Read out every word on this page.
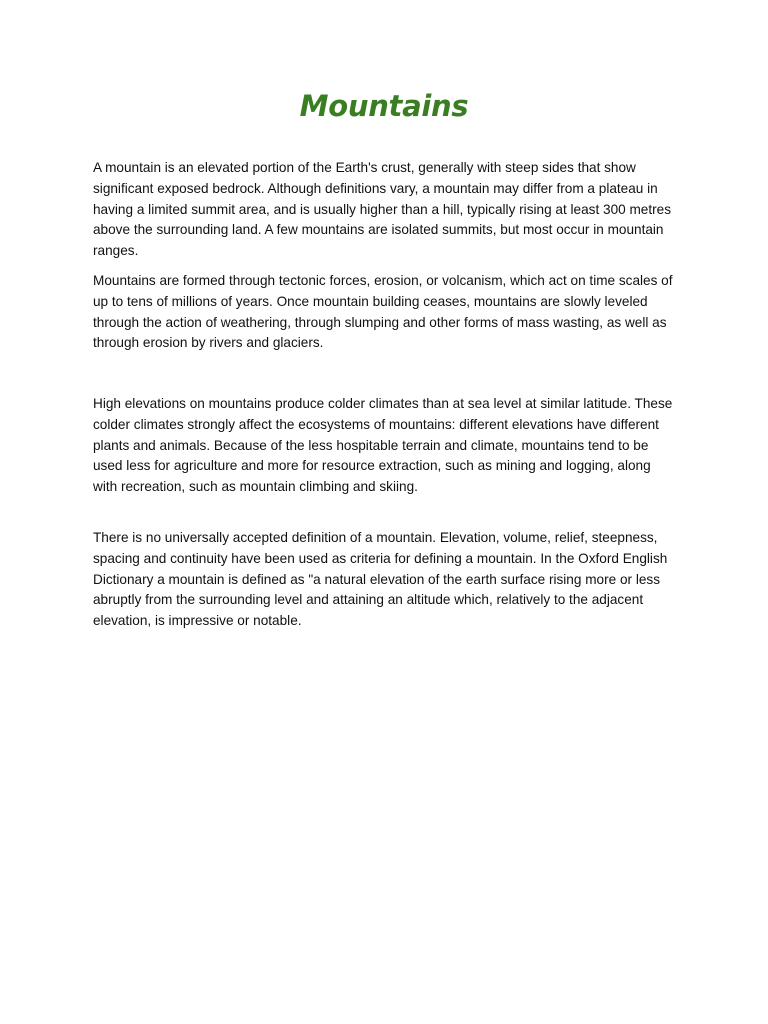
Mountains

A mountain is an elevated portion of the Earth's crust, generally with steep sides that show significant exposed bedrock. Although definitions vary, a mountain may differ from a plateau in having a limited summit area, and is usually higher than a hill, typically rising at least 300 metres above the surrounding land. A few mountains are isolated summits, but most occur in mountain ranges.

Mountains are formed through tectonic forces, erosion, or volcanism, which act on time scales of up to tens of millions of years. Once mountain building ceases, mountains are slowly leveled through the action of weathering, through slumping and other forms of mass wasting, as well as through erosion by rivers and glaciers.

High elevations on mountains produce colder climates than at sea level at similar latitude. These colder climates strongly affect the ecosystems of mountains: different elevations have different plants and animals. Because of the less hospitable terrain and climate, mountains tend to be used less for agriculture and more for resource extraction, such as mining and logging, along with recreation, such as mountain climbing and skiing.

There is no universally accepted definition of a mountain. Elevation, volume, relief, steepness, spacing and continuity have been used as criteria for defining a mountain. In the Oxford English Dictionary a mountain is defined as "a natural elevation of the earth surface rising more or less abruptly from the surrounding level and attaining an altitude which, relatively to the adjacent elevation, is impressive or notable.
